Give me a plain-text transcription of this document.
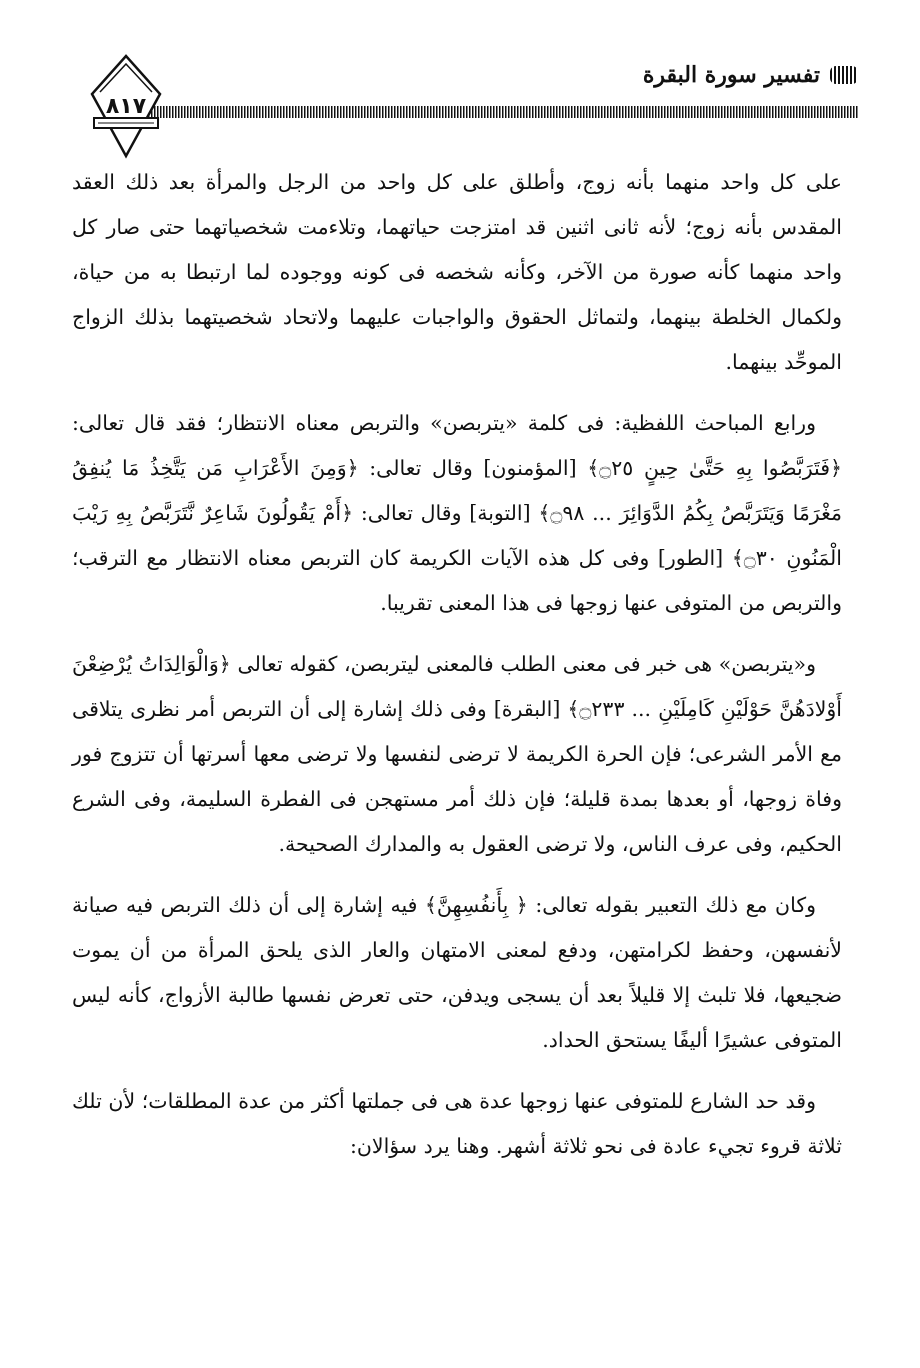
تفسير سورة البقرة
٨١٧

على كل واحد منهما بأنه زوج، وأطلق على كل واحد من الرجل والمرأة بعد ذلك العقد المقدس بأنه زوج؛ لأنه ثانى اثنين قد امتزجت حياتهما، وتلاءمت شخصياتهما حتى صار كل واحد منهما كأنه صورة من الآخر، وكأنه شخصه فى كونه ووجوده لما ارتبطا به من حياة، ولكمال الخلطة بينهما، ولتماثل الحقوق والواجبات عليهما ولاتحاد شخصيتهما بذلك الزواج الموحِّد بينهما.

ورابع المباحث اللفظية: فى كلمة «يتربصن» والتربص معناه الانتظار؛ فقد قال تعالى: ﴿فَتَرَبَّصُوا بِهِ حَتَّىٰ حِينٍ ۝٢٥﴾ [المؤمنون] وقال تعالى: ﴿وَمِنَ الأَعْرَابِ مَن يَتَّخِذُ مَا يُنفِقُ مَغْرَمًا وَيَتَرَبَّصُ بِكُمُ الدَّوَائِرَ ... ۝٩٨﴾ [التوبة] وقال تعالى: ﴿أَمْ يَقُولُونَ شَاعِرٌ نَّتَرَبَّصُ بِهِ رَيْبَ الْمَنُونِ ۝٣٠﴾ [الطور] وفى كل هذه الآيات الكريمة كان التربص معناه الانتظار مع الترقب؛ والتربص من المتوفى عنها زوجها فى هذا المعنى تقريبا.

و«يتربصن» هى خبر فى معنى الطلب فالمعنى ليتربصن، كقوله تعالى ﴿وَالْوَالِدَاتُ يُرْضِعْنَ أَوْلادَهُنَّ حَوْلَيْنِ كَامِلَيْنِ ... ۝٢٣٣﴾ [البقرة] وفى ذلك إشارة إلى أن التربص أمر نظرى يتلاقى مع الأمر الشرعى؛ فإن الحرة الكريمة لا ترضى لنفسها ولا ترضى معها أسرتها أن تتزوج فور وفاة زوجها، أو بعدها بمدة قليلة؛ فإن ذلك أمر مستهجن فى الفطرة السليمة، وفى الشرع الحكيم، وفى عرف الناس، ولا ترضى العقول به والمدارك الصحيحة.

وكان مع ذلك التعبير بقوله تعالى: ﴿ بِأَنفُسِهِنَّ﴾ فيه إشارة إلى أن ذلك التربص فيه صيانة لأنفسهن، وحفظ لكرامتهن، ودفع لمعنى الامتهان والعار الذى يلحق المرأة من أن يموت ضجيعها، فلا تلبث إلا قليلاً بعد أن يسجى ويدفن، حتى تعرض نفسها طالبة الأزواج، كأنه ليس المتوفى عشيرًا أليفًا يستحق الحداد.

وقد حد الشارع للمتوفى عنها زوجها عدة هى فى جملتها أكثر من عدة المطلقات؛ لأن تلك ثلاثة قروء تجيء عادة فى نحو ثلاثة أشهر. وهنا يرد سؤالان:
